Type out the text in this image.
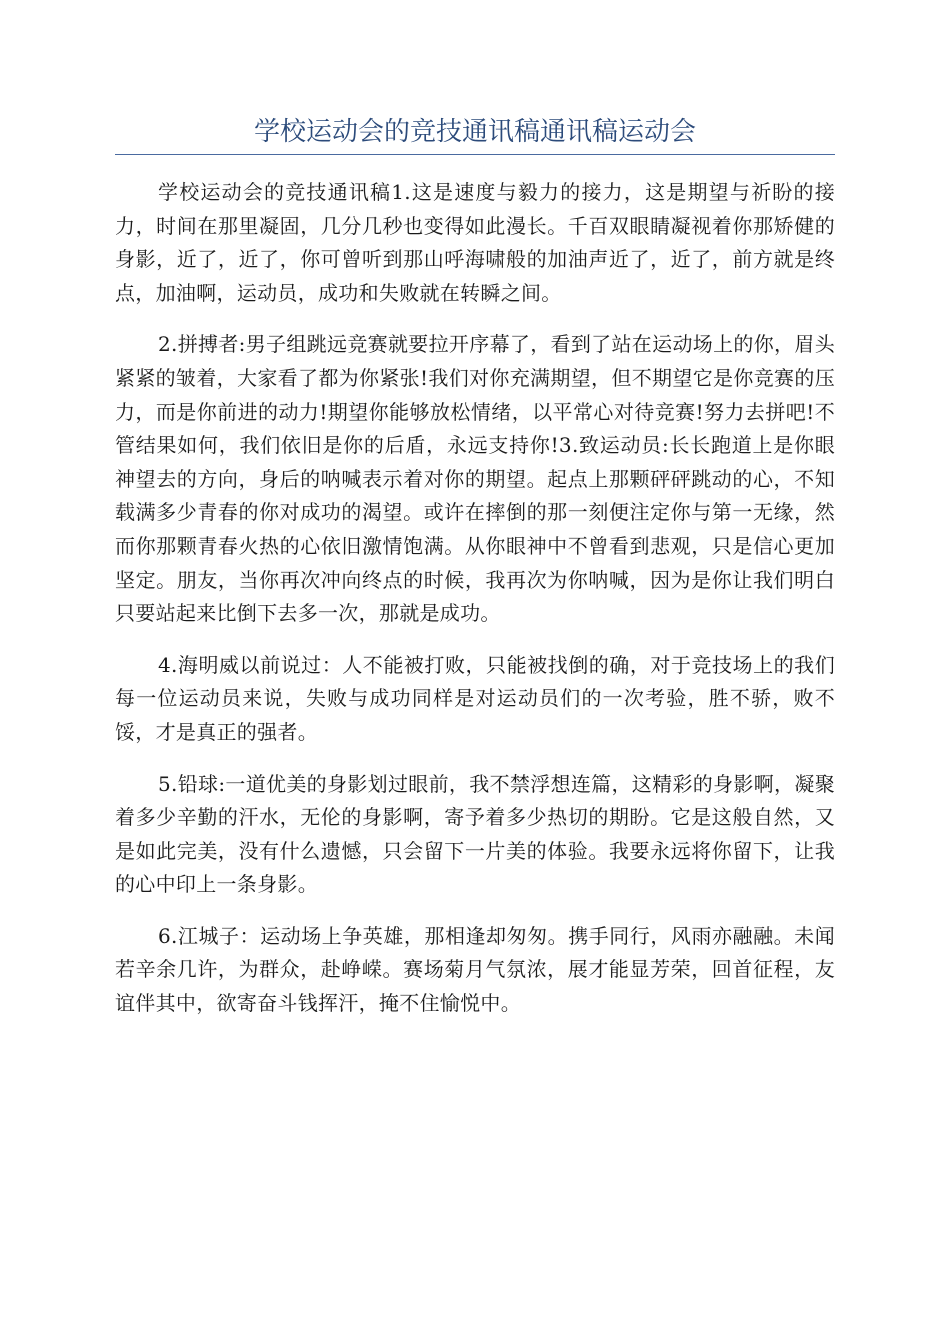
学校运动会的竞技通讯稿通讯稿运动会

学校运动会的竞技通讯稿1.这是速度与毅力的接力，这是期望与祈盼的接力，时间在那里凝固，几分几秒也变得如此漫长。千百双眼睛凝视着你那矫健的身影，近了，近了，你可曾听到那山呼海啸般的加油声近了，近了，前方就是终点，加油啊，运动员，成功和失败就在转瞬之间。

2.拼搏者:男子组跳远竞赛就要拉开序幕了，看到了站在运动场上的你，眉头紧紧的皱着，大家看了都为你紧张!我们对你充满期望，但不期望它是你竞赛的压力，而是你前进的动力!期望你能够放松情绪，以平常心对待竞赛!努力去拼吧!不管结果如何，我们依旧是你的后盾，永远支持你!3.致运动员:长长跑道上是你眼神望去的方向，身后的呐喊表示着对你的期望。起点上那颗砰砰跳动的心，不知载满多少青春的你对成功的渴望。或许在摔倒的那一刻便注定你与第一无缘，然而你那颗青春火热的心依旧激情饱满。从你眼神中不曾看到悲观，只是信心更加坚定。朋友，当你再次冲向终点的时候，我再次为你呐喊，因为是你让我们明白只要站起来比倒下去多一次，那就是成功。

4.海明威以前说过：人不能被打败，只能被找倒的确，对于竞技场上的我们每一位运动员来说，失败与成功同样是对运动员们的一次考验，胜不骄，败不馁，才是真正的强者。

5.铅球:一道优美的身影划过眼前，我不禁浮想连篇，这精彩的身影啊，凝聚着多少辛勤的汗水，无伦的身影啊，寄予着多少热切的期盼。它是这般自然，又是如此完美，没有什么遗憾，只会留下一片美的体验。我要永远将你留下，让我的心中印上一条身影。

6.江城子：运动场上争英雄，那相逢却匆匆。携手同行，风雨亦融融。未闻若辛余几许，为群众，赴峥嵘。赛场菊月气氛浓，展才能显芳荣，回首征程，友谊伴其中，欲寄奋斗钱挥汗，掩不住愉悦中。
